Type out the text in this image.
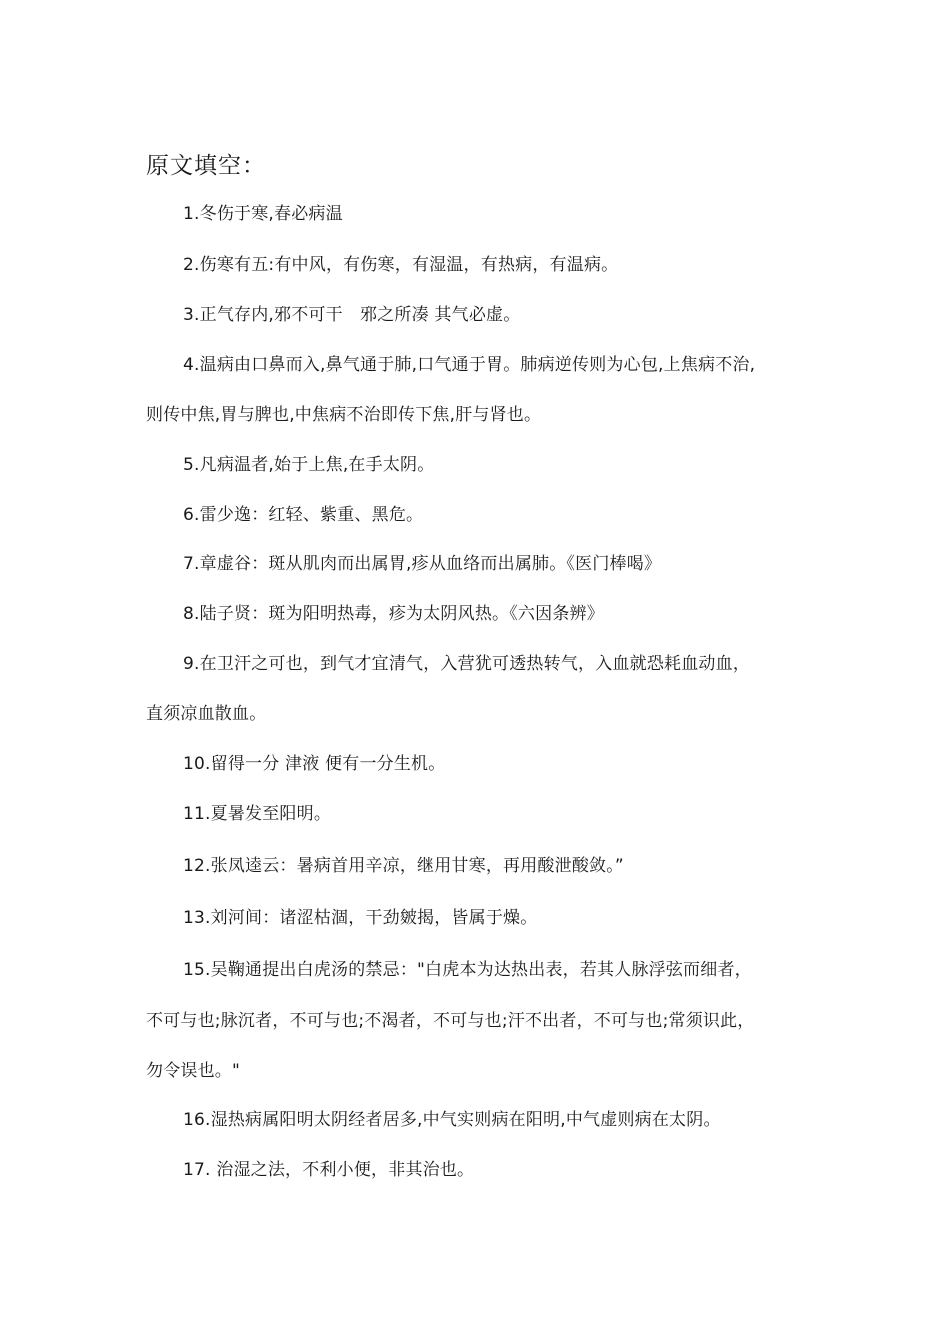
原文填空：
1.冬伤于寒,春必病温
2.伤寒有五:有中风，有伤寒，有湿温，有热病，有温病。
3.正气存内,邪不可干　邪之所凑 其气必虚。
4.温病由口鼻而入,鼻气通于肺,口气通于胃。肺病逆传则为心包,上焦病不治,
则传中焦,胃与脾也,中焦病不治即传下焦,肝与肾也。
5.凡病温者,始于上焦,在手太阴。
6.雷少逸：红轻、紫重、黑危。
7.章虚谷：斑从肌肉而出属胃,疹从血络而出属肺。《医门棒喝》
8.陆子贤：斑为阳明热毒，疹为太阴风热。《六因条辨》
9.在卫汗之可也，到气才宜清气，入营犹可透热转气，入血就恐耗血动血，
直须凉血散血。
10.留得一分 津液 便有一分生机。
11.夏暑发至阳明。
12.张凤逵云：暑病首用辛凉，继用甘寒，再用酸泄酸敛。”
13.刘河间：诸涩枯涸，干劲皴揭，皆属于燥。
15.吴鞠通提出白虎汤的禁忌："白虎本为达热出表，若其人脉浮弦而细者，
不可与也;脉沉者，不可与也;不渴者，不可与也;汗不出者，不可与也;常须识此，
勿令误也。"
16.湿热病属阳明太阴经者居多,中气实则病在阳明,中气虚则病在太阴。
17. 治湿之法，不利小便，非其治也。
